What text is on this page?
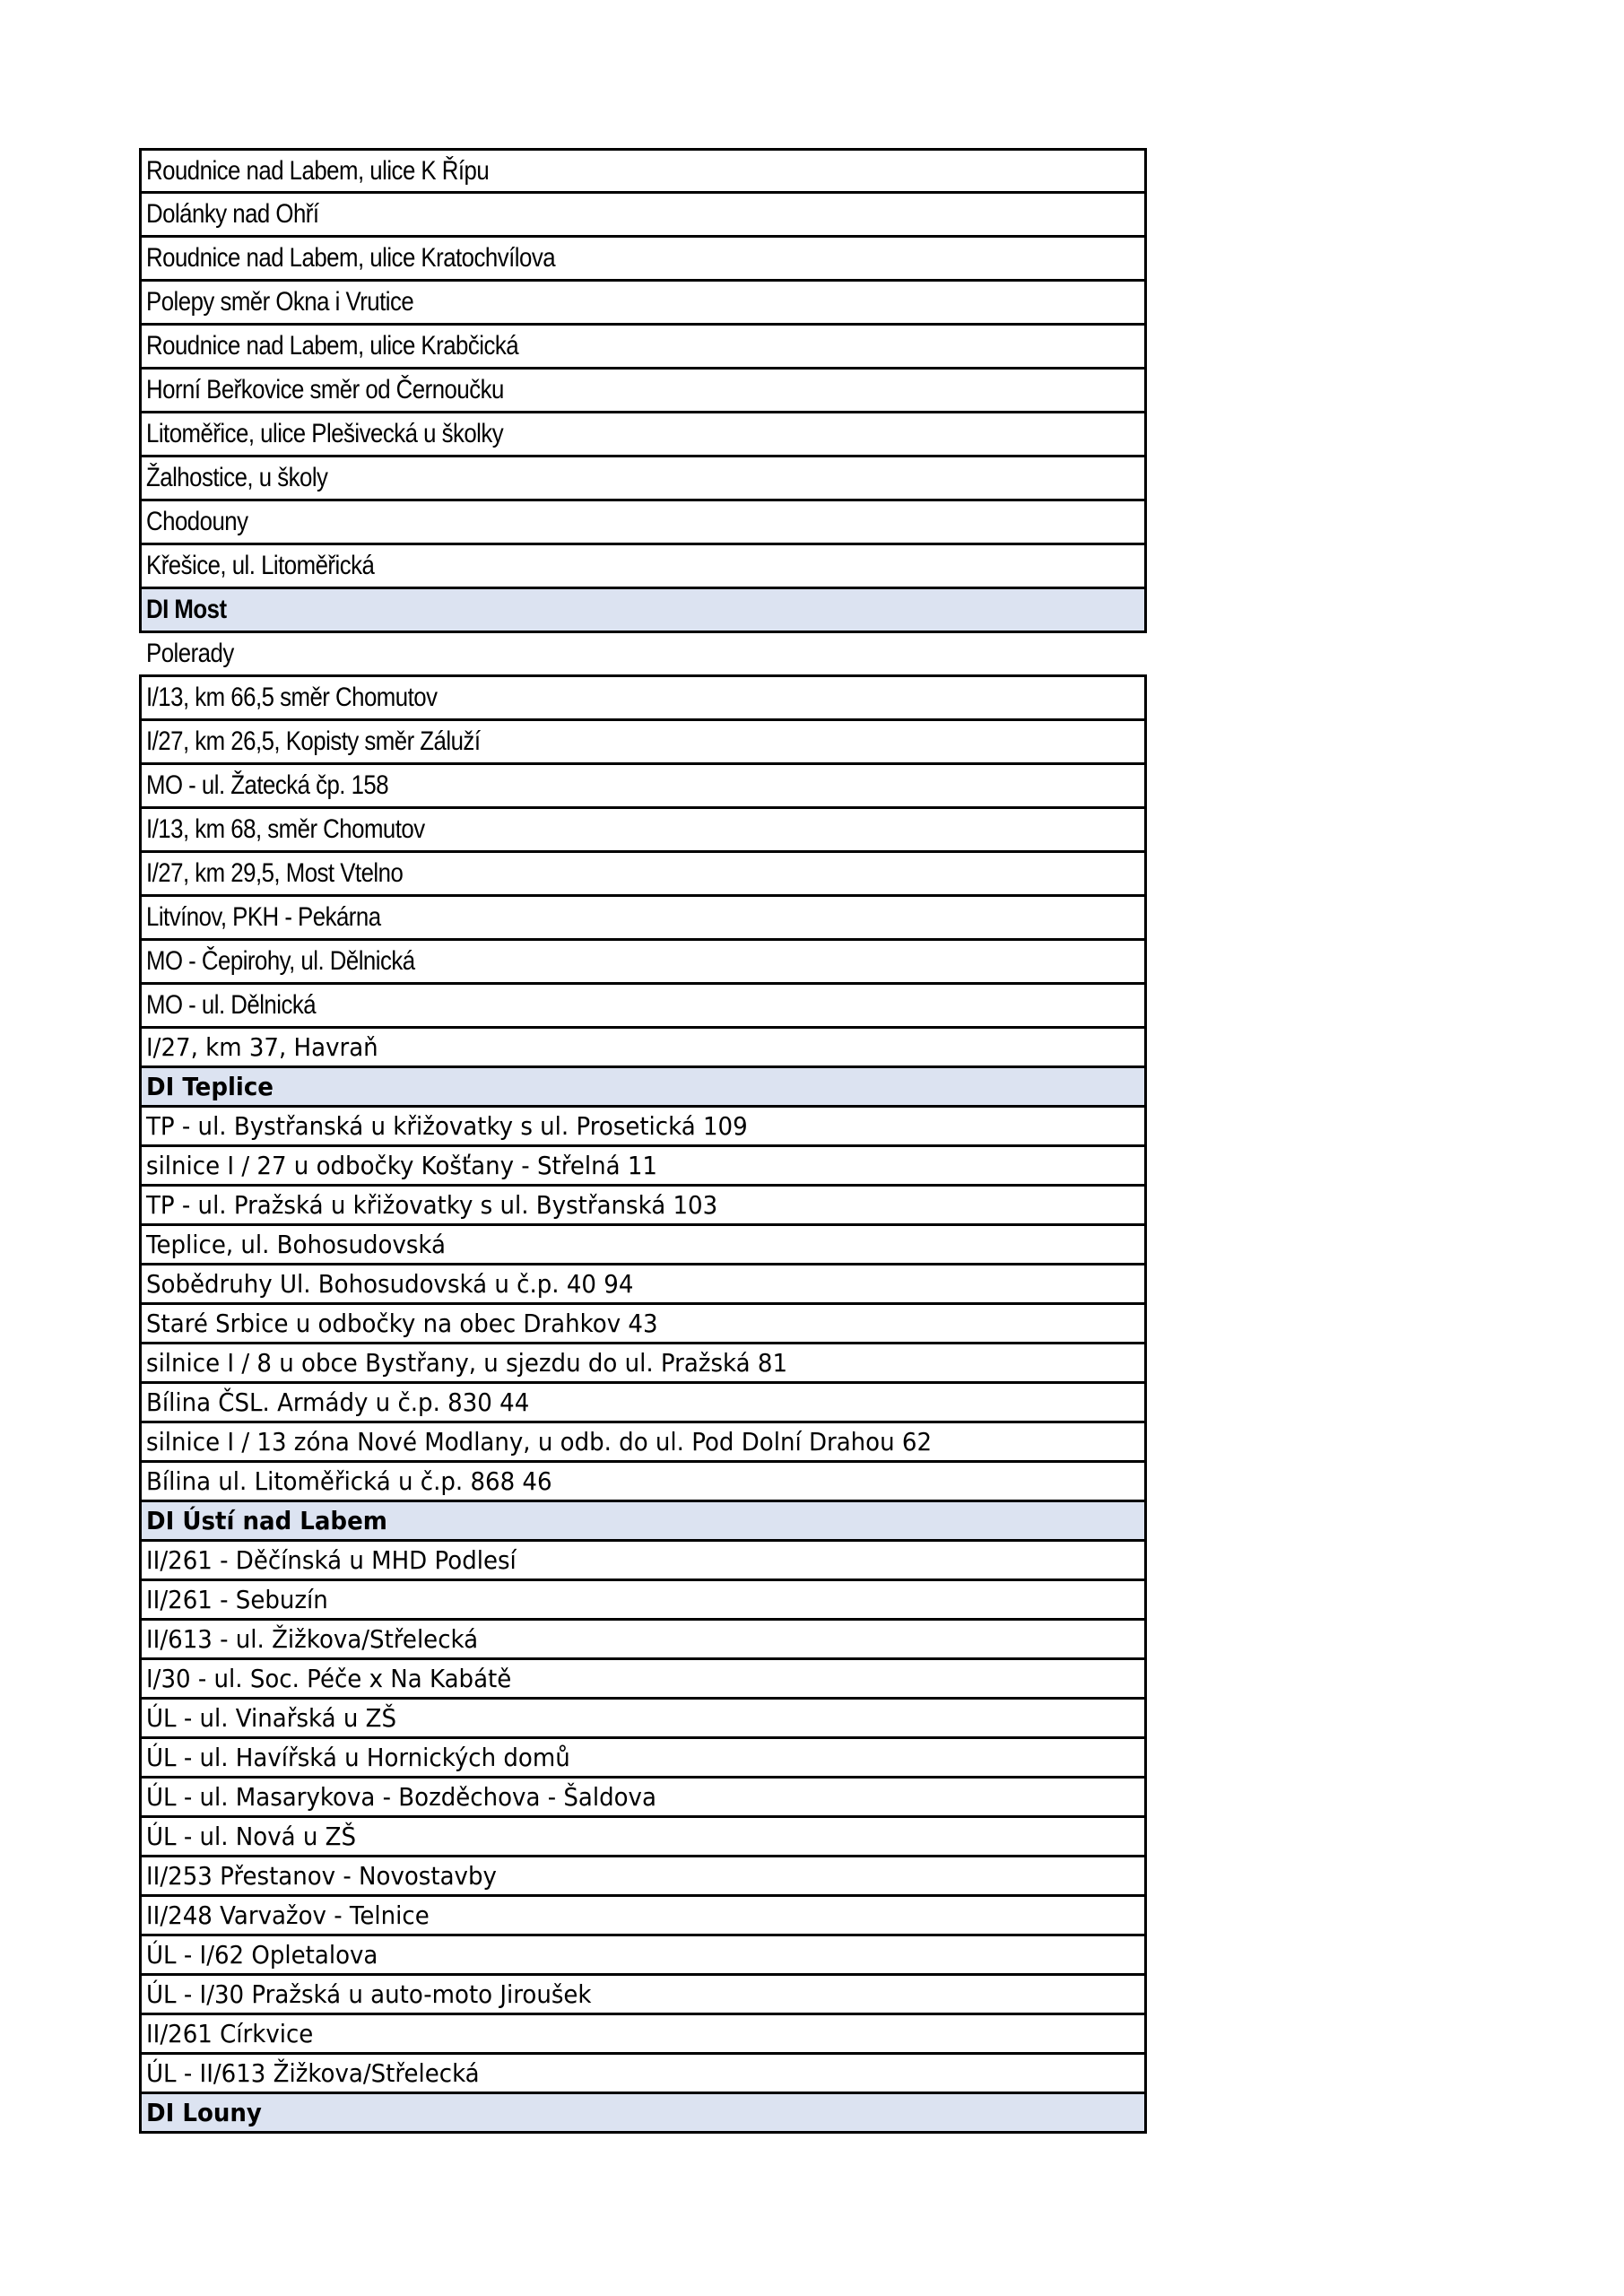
Roudnice nad Labem, ulice K Řípu
Dolánky nad Ohří
Roudnice nad Labem, ulice Kratochvílova
Polepy směr Okna i Vrutice
Roudnice nad Labem, ulice Krabčická
Horní Beřkovice směr od Černoučku
Litoměřice, ulice Plešivecká u školky
Žalhostice, u školy
Chodouny
Křešice, ul. Litoměřická
DI Most
Polerady
I/13, km 66,5 směr Chomutov
I/27, km 26,5, Kopisty směr Záluží
MO - ul. Žatecká čp. 158
I/13, km 68, směr Chomutov
I/27, km 29,5, Most Vtelno
Litvínov, PKH - Pekárna
MO - Čepirohy, ul. Dělnická
MO - ul. Dělnická
I/27, km 37, Havraň
DI Teplice
TP - ul. Bystřanská u křižovatky s ul. Prosetická 109
silnice I / 27 u odbočky Košťany - Střelná 11
TP - ul. Pražská u křižovatky s ul. Bystřanská 103
Teplice, ul. Bohosudovská
Sobědruhy Ul. Bohosudovská u č.p. 40 94
Staré Srbice u odbočky na obec Drahkov 43
silnice I / 8 u obce Bystřany, u sjezdu do ul. Pražská 81
Bílina ČSL. Armády u č.p. 830 44
silnice I / 13 zóna Nové Modlany, u odb. do ul. Pod Dolní Drahou 62
Bílina ul. Litoměřická u č.p. 868 46
DI Ústí nad Labem
II/261 - Děčínská u MHD Podlesí
II/261 - Sebuzín
II/613 - ul. Žižkova/Střelecká
I/30 - ul. Soc. Péče x Na Kabátě
ÚL - ul. Vinařská u ZŠ
ÚL - ul. Havířská u Hornických domů
ÚL - ul. Masarykova - Bozděchova - Šaldova
ÚL - ul. Nová u ZŠ
II/253 Přestanov - Novostavby
II/248 Varvažov - Telnice
ÚL - I/62 Opletalova
ÚL - I/30 Pražská u auto-moto Jiroušek
II/261 Církvice
ÚL - II/613 Žižkova/Střelecká
DI Louny
